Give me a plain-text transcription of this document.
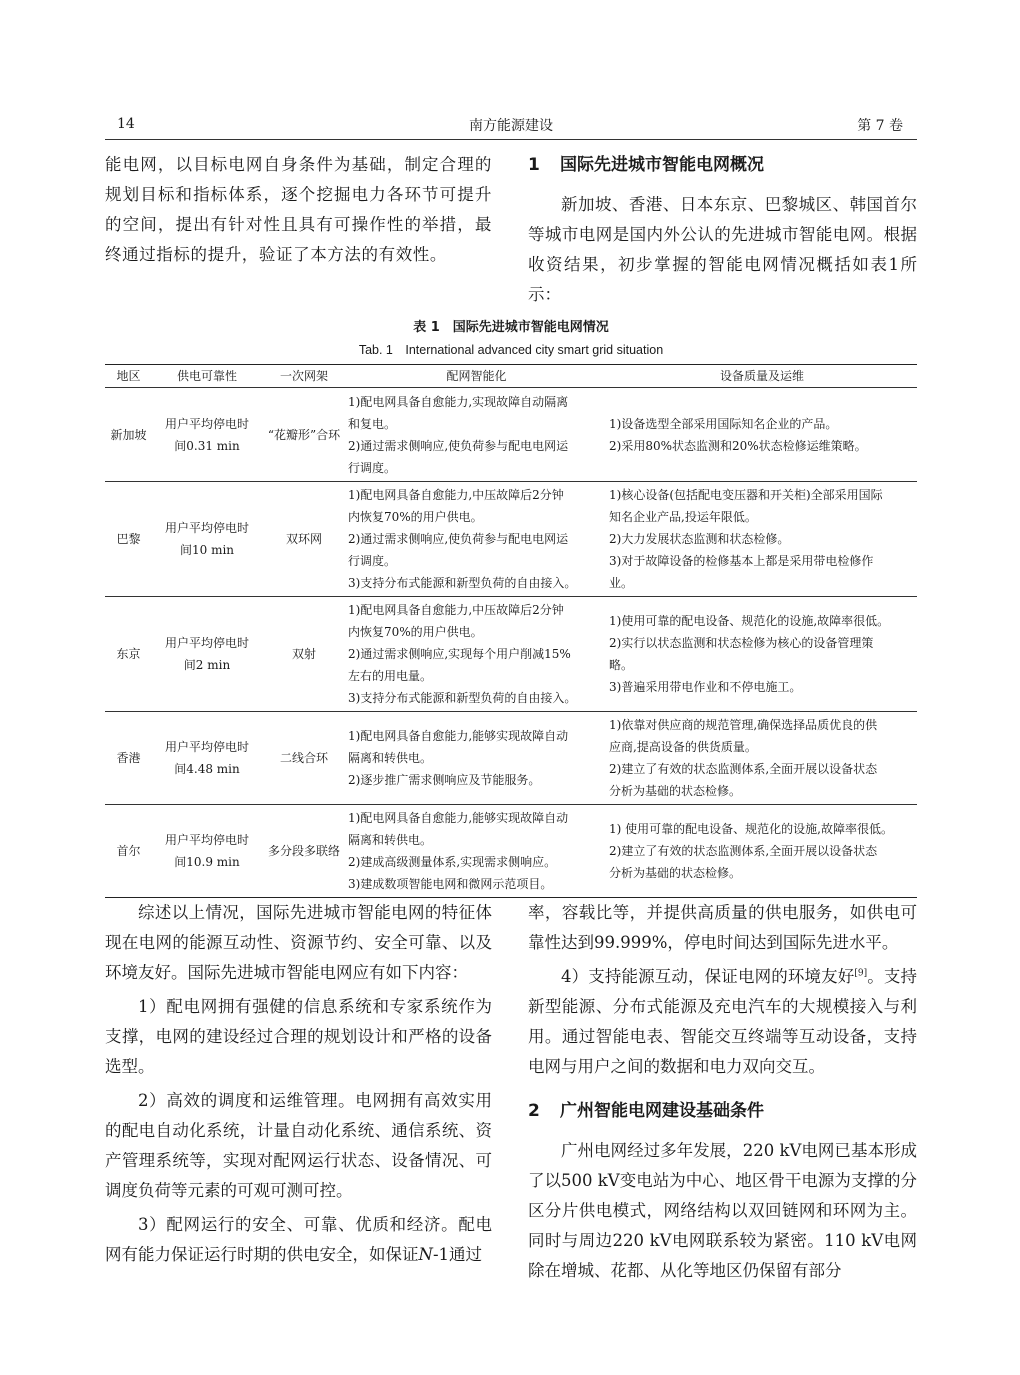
14	南方能源建设	第 7 卷

能电网，以目标电网自身条件为基础，制定合理的规划目标和指标体系，逐个挖掘电力各环节可提升的空间，提出有针对性且具有可操作性的举措，最终通过指标的提升，验证了本方法的有效性。

1 国际先进城市智能电网概况

新加坡、香港、日本东京、巴黎城区、韩国首尔等城市电网是国内外公认的先进城市智能电网。根据收资结果，初步掌握的智能电网情况概括如表1所示：

表 1　国际先进城市智能电网情况
Tab. 1　International advanced city smart grid situation
地区	供电可靠性	一次网架	配网智能化	设备质量及运维
新加坡	用户平均停电时
间0.31 min	“花瓣形”合环	1)配电网具备自愈能力,实现故障自动隔离
和复电。
2)通过需求侧响应,使负荷参与配电电网运
行调度。	1)设备选型全部采用国际知名企业的产品。
2)采用80%状态监测和20%状态检修运维策略。

巴黎	用户平均停电时
间10 min	双环网	1)配电网具备自愈能力,中压故障后2分钟
内恢复70%的用户供电。
2)通过需求侧响应,使负荷参与配电电网运
行调度。
3)支持分布式能源和新型负荷的自由接入。	1)核心设备(包括配电变压器和开关柜)全部采用国际
知名企业产品,投运年限低。
2)大力发展状态监测和状态检修。
3)对于故障设备的检修基本上都是采用带电检修作
业。

东京	用户平均停电时
间2 min	双射	1)配电网具备自愈能力,中压故障后2分钟
内恢复70%的用户供电。
2)通过需求侧响应,实现每个用户削减15%
左右的用电量。
3)支持分布式能源和新型负荷的自由接入。	1)使用可靠的配电设备、规范化的设施,故障率很低。
2)实行以状态监测和状态检修为核心的设备管理策
略。
3)普遍采用带电作业和不停电施工。

香港	用户平均停电时
间4.48 min	二线合环	1)配电网具备自愈能力,能够实现故障自动
隔离和转供电。
2)逐步推广需求侧响应及节能服务。	1)依靠对供应商的规范管理,确保选择品质优良的供
应商,提高设备的供货质量。
2)建立了有效的状态监测体系,全面开展以设备状态
分析为基础的状态检修。

首尔	用户平均停电时
间10.9 min	多分段多联络	1)配电网具备自愈能力,能够实现故障自动
隔离和转供电。
2)建成高级测量体系,实现需求侧响应。
3)建成数项智能电网和微网示范项目。	1) 使用可靠的配电设备、规范化的设施,故障率很低。
2)建立了有效的状态监测体系,全面开展以设备状态
分析为基础的状态检修。

综述以上情况，国际先进城市智能电网的特征体现在电网的能源互动性、资源节约、安全可靠、以及环境友好。国际先进城市智能电网应有如下内容：

1）配电网拥有强健的信息系统和专家系统作为支撑，电网的建设经过合理的规划设计和严格的设备选型。

2）高效的调度和运维管理。电网拥有高效实用的配电自动化系统，计量自动化系统、通信系统、资产管理系统等，实现对配网运行状态、设备情况、可调度负荷等元素的可观可测可控。

3）配网运行的安全、可靠、优质和经济。配电网有能力保证运行时期的供电安全，如保证N-1通过

率，容载比等，并提供高质量的供电服务，如供电可靠性达到99.999%，停电时间达到国际先进水平。

4）支持能源互动，保证电网的环境友好[9]。支持新型能源、分布式能源及充电汽车的大规模接入与利用。通过智能电表、智能交互终端等互动设备，支持电网与用户之间的数据和电力双向交互。

2 广州智能电网建设基础条件

广州电网经过多年发展，220 kV电网已基本形成了以500 kV变电站为中心、地区骨干电源为支撑的分区分片供电模式，网络结构以双回链网和环网为主。同时与周边220 kV电网联系较为紧密。110 kV电网除在增城、花都、从化等地区仍保留有部分
